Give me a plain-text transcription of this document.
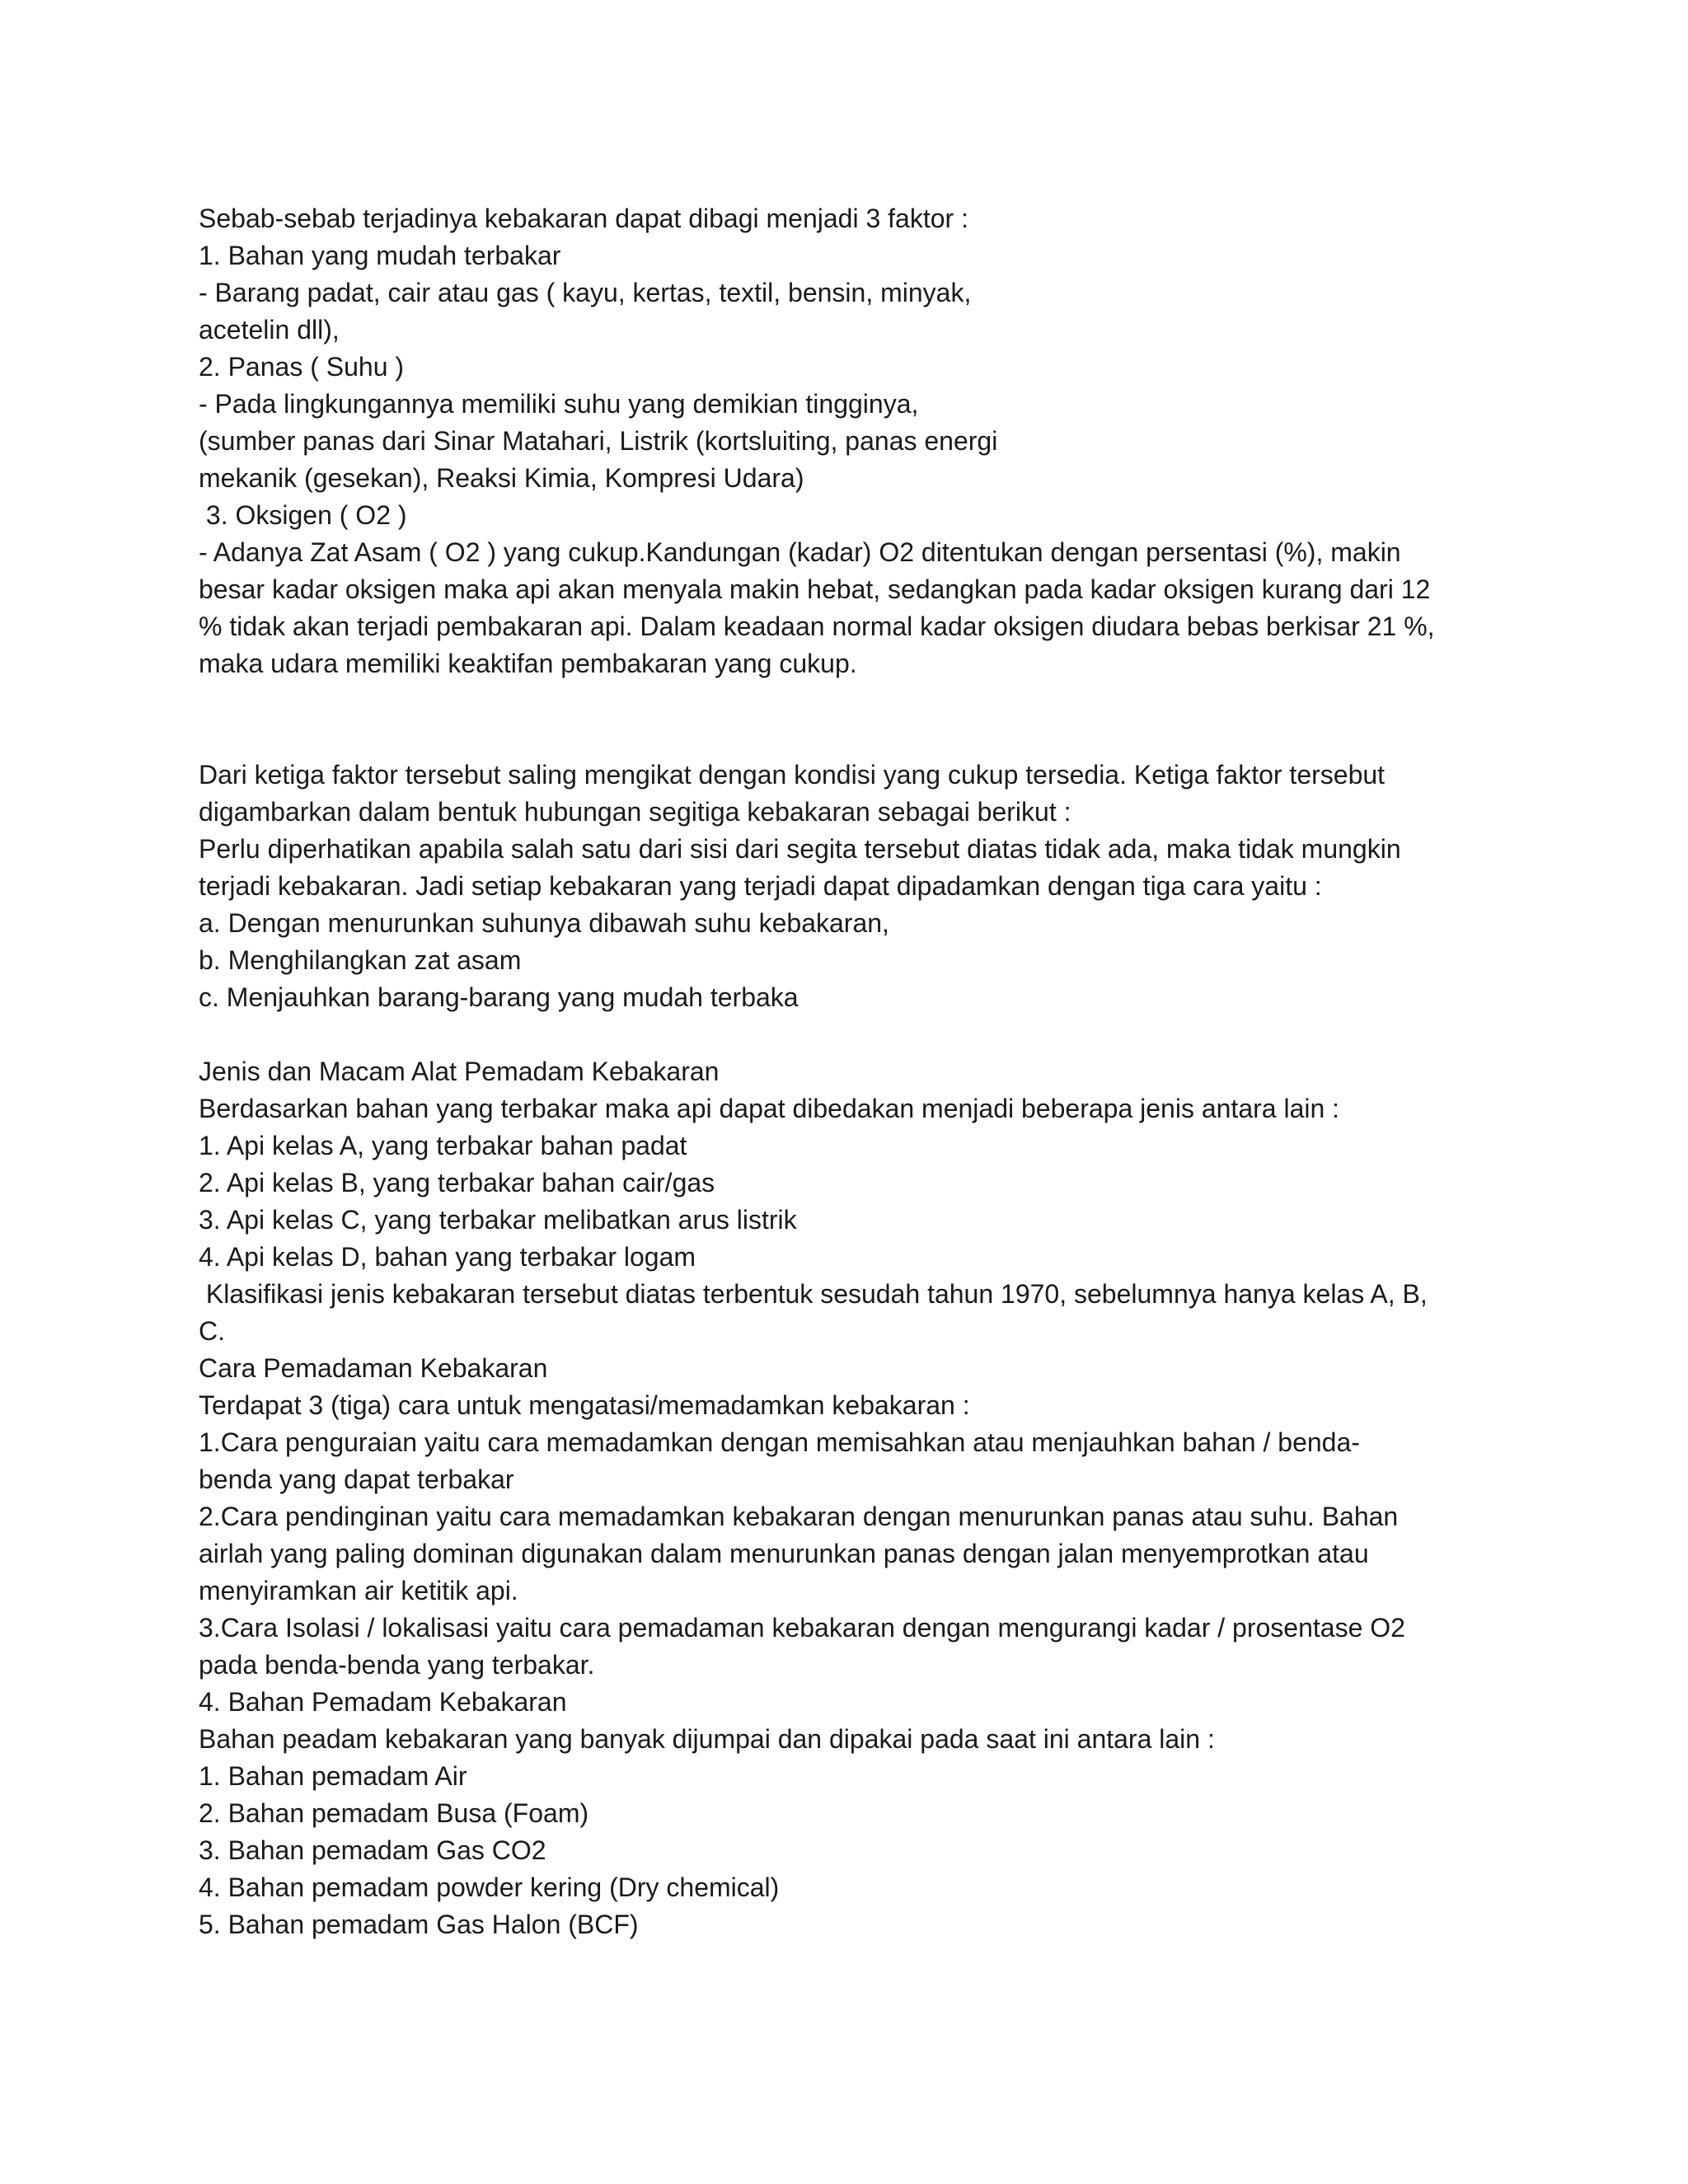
Sebab-sebab terjadinya kebakaran dapat dibagi menjadi 3 faktor :
1. Bahan yang mudah terbakar
- Barang padat, cair atau gas ( kayu, kertas, textil, bensin, minyak,
acetelin dll),
2. Panas ( Suhu )
- Pada lingkungannya memiliki suhu yang demikian tingginya,
(sumber panas dari Sinar Matahari, Listrik (kortsluiting, panas energi
mekanik (gesekan), Reaksi Kimia, Kompresi Udara)
3. Oksigen ( O2 )
- Adanya Zat Asam ( O2 ) yang cukup.Kandungan (kadar) O2 ditentukan dengan persentasi (%), makin
besar kadar oksigen maka api akan menyala makin hebat, sedangkan pada kadar oksigen kurang dari 12
% tidak akan terjadi pembakaran api. Dalam keadaan normal kadar oksigen diudara bebas berkisar 21 %,
maka udara memiliki keaktifan pembakaran yang cukup.
Dari ketiga faktor tersebut saling mengikat dengan kondisi yang cukup tersedia. Ketiga faktor tersebut
digambarkan dalam bentuk hubungan segitiga kebakaran sebagai berikut :
Perlu diperhatikan apabila salah satu dari sisi dari segita tersebut diatas tidak ada, maka tidak mungkin
terjadi kebakaran. Jadi setiap kebakaran yang terjadi dapat dipadamkan dengan tiga cara yaitu :
a. Dengan menurunkan suhunya dibawah suhu kebakaran,
b. Menghilangkan zat asam
c. Menjauhkan barang-barang yang mudah terbaka
Jenis dan Macam Alat Pemadam Kebakaran
Berdasarkan bahan yang terbakar maka api dapat dibedakan menjadi beberapa jenis antara lain :
1. Api kelas A, yang terbakar bahan padat
2. Api kelas B, yang terbakar bahan cair/gas
3. Api kelas C, yang terbakar melibatkan arus listrik
4. Api kelas D, bahan yang terbakar logam
Klasifikasi jenis kebakaran tersebut diatas terbentuk sesudah tahun 1970, sebelumnya hanya kelas A, B,
C.
Cara Pemadaman Kebakaran
Terdapat 3 (tiga) cara untuk mengatasi/memadamkan kebakaran :
1.Cara penguraian yaitu cara memadamkan dengan memisahkan atau menjauhkan bahan / benda-
benda yang dapat terbakar
2.Cara pendinginan yaitu cara memadamkan kebakaran dengan menurunkan panas atau suhu. Bahan
airlah yang paling dominan digunakan dalam menurunkan panas dengan jalan menyemprotkan atau
menyiramkan air ketitik api.
3.Cara Isolasi / lokalisasi yaitu cara pemadaman kebakaran dengan mengurangi kadar / prosentase O2
pada benda-benda yang terbakar.
4. Bahan Pemadam Kebakaran
Bahan peadam kebakaran yang banyak dijumpai dan dipakai pada saat ini antara lain :
1. Bahan pemadam Air
2. Bahan pemadam Busa (Foam)
3. Bahan pemadam Gas CO2
4. Bahan pemadam powder kering (Dry chemical)
5. Bahan pemadam Gas Halon (BCF)
